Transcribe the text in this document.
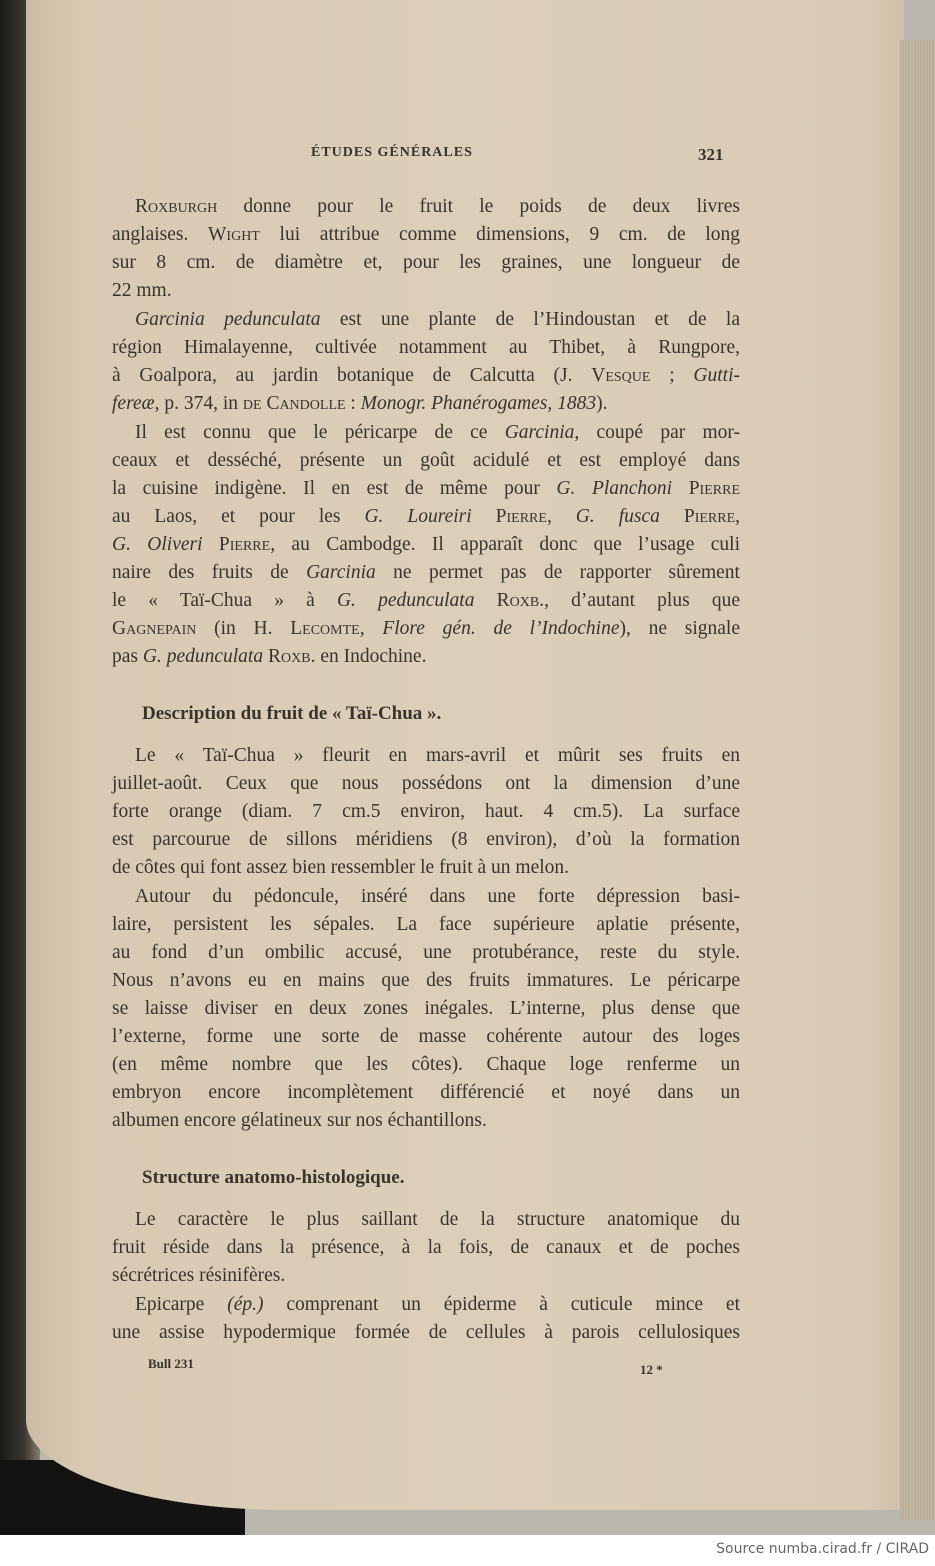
ÉTUDES GÉNÉRALES	321
Roxburgh donne pour le fruit le poids de deux livres
anglaises. Wight lui attribue comme dimensions, 9 cm. de long
sur 8 cm. de diamètre et, pour les graines, une longueur de
22 mm.
Garcinia pedunculata est une plante de l’Hindoustan et de la
région Himalayenne, cultivée notamment au Thibet, à Rungpore,
à Goalpora, au jardin botanique de Calcutta (J. Vesque ; Gutti-
fereæ, p. 374, in de Candolle : Monogr. Phanérogames, 1883).
Il est connu que le péricarpe de ce Garcinia, coupé par mor-
ceaux et desséché, présente un goût acidulé et est employé dans
la cuisine indigène. Il en est de même pour G. Planchoni Pierre
au Laos, et pour les G. Loureiri Pierre, G. fusca Pierre,
G. Oliveri Pierre, au Cambodge. Il apparaît donc que l’usage culi
naire des fruits de Garcinia ne permet pas de rapporter sûrement
le « Taï-Chua » à G. pedunculata Roxb., d’autant plus que
Gagnepain (in H. Lecomte, Flore gén. de l’Indochine), ne signale
pas G. pedunculata Roxb. en Indochine.
Description du fruit de « Taï-Chua ».
Le « Taï-Chua » fleurit en mars-avril et mûrit ses fruits en
juillet-août. Ceux que nous possédons ont la dimension d’une
forte orange (diam. 7 cm.5 environ, haut. 4 cm.5). La surface
est parcourue de sillons méridiens (8 environ), d’où la formation
de côtes qui font assez bien ressembler le fruit à un melon.
Autour du pédoncule, inséré dans une forte dépression basi-
laire, persistent les sépales. La face supérieure aplatie présente,
au fond d’un ombilic accusé, une protubérance, reste du style.
Nous n’avons eu en mains que des fruits immatures. Le péricarpe
se laisse diviser en deux zones inégales. L’interne, plus dense que
l’externe, forme une sorte de masse cohérente autour des loges
(en même nombre que les côtes). Chaque loge renferme un
embryon encore incomplètement différencié et noyé dans un
albumen encore gélatineux sur nos échantillons.
Structure anatomo-histologique.
Le caractère le plus saillant de la structure anatomique du
fruit réside dans la présence, à la fois, de canaux et de poches
sécrétrices résinifères.
Epicarpe (ép.) comprenant un épiderme à cuticule mince et
une assise hypodermique formée de cellules à parois cellulosiques
Bull 231	12 *
Source numba.cirad.fr / CIRAD
